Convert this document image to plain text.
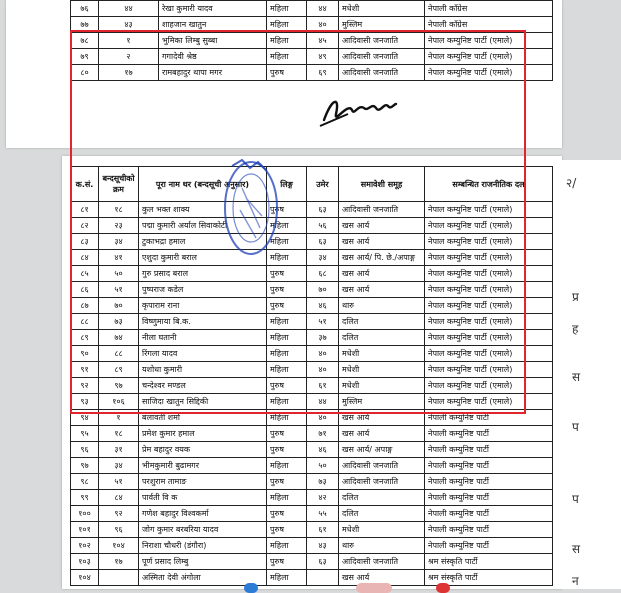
७६	४४	रेखा कुमारी यादव	महिला	४४	मधेशी	नेपाली काँग्रेस
७७	४३	शाहजान खातुन	महिला	४०	मुस्लिम	नेपाली काँग्रेस
७८	१	भुमिका लिम्बु सुब्बा	महिला	४५	आदिवासी जनजाति	नेपाल कम्युनिष्ट पार्टी (एमाले)
७९	२	गगादेवी श्रेष्ठ	महिला	४९	आदिवासी जनजाति	नेपाल कम्युनिष्ट पार्टी (एमाले)
८०	१७	रामबहादुर थापा मगर	पुरुष	६९	आदिवासी जनजाति	नेपाल कम्युनिष्ट पार्टी (एमाले)
२/
प्र
ह
स
प
प
स
न
क.सं.	बन्दसूचीको क्रम	पूरा नाम थर (बन्दसूची अनुसार)	लिङ्ग	उमेर	समावेशी समूह	सम्बन्धित राजनीतिक दल
८१	१८	कुल भक्त शाक्य	पुरुष	६३	आदिवासी जनजाति	नेपाल कम्युनिष्ट पार्टी (एमाले)
८२	२३	पद्मा कुमारी अर्याल सिवाकोटी	महिला	५६	खस आर्य	नेपाल कम्युनिष्ट पार्टी (एमाले)
८३	३४	टुकाभद्रा हमाल	महिला	६३	खस आर्य	नेपाल कम्युनिष्ट पार्टी (एमाले)
८४	४१	एशुदा कुमारी बराल	महिला	३४	खस आर्य/ पि. छे./अपाङ्ग	नेपाल कम्युनिष्ट पार्टी (एमाले)
८५	५०	गुरु प्रसाद बराल	पुरुष	६८	खस आर्य	नेपाल कम्युनिष्ट पार्टी (एमाले)
८६	५१	पुष्पराज कडेल	पुरुष	७०	खस आर्य	नेपाल कम्युनिष्ट पार्टी (एमाले)
८७	७०	कृपाराम राना	पुरुष	४६	थारु	नेपाल कम्युनिष्ट पार्टी (एमाले)
८८	७३	विष्णुमाया बि.क.	महिला	५१	दलित	नेपाल कम्युनिष्ट पार्टी (एमाले)
८९	७४	नीला घतानी	महिला	३७	दलित	नेपाल कम्युनिष्ट पार्टी (एमाले)
९०	८८	रिंगला यादव	महिला	४०	मधेशी	नेपाल कम्युनिष्ट पार्टी (एमाले)
९१	८९	यशोधा कुमारी	महिला	४०	मधेशी	नेपाल कम्युनिष्ट पार्टी (एमाले)
९२	९७	चन्देश्वर मण्डल	पुरुष	६१	मधेशी	नेपाल कम्युनिष्ट पार्टी (एमाले)
९३	१०६	साजिदा खातुन सिद्दिकी	महिला	४४	मुस्लिम	नेपाल कम्युनिष्ट पार्टी (एमाले)
९४	१	बलावती शर्मा	महिला	४०	खस आर्य	नेपाली कम्युनिष्ट पार्टी
९५	१८	प्रमेश कुमार हमाल	पुरुष	७१	खस आर्य	नेपाली कम्युनिष्ट पार्टी
९६	३१	प्रेम बहादुर वयक	पुरुष	४६	खस आर्य/ अपाङ्ग	नेपाली कम्युनिष्ट पार्टी
९७	३४	भीमकुमारी बुढामगर	महिला	५०	आदिवासी जनजाति	नेपाली कम्युनिष्ट पार्टी
९८	५१	परशुराम तामाङ	पुरुष	७३	आदिवासी जनजाति	नेपाली कम्युनिष्ट पार्टी
९९	८४	पार्वती वि क	महिला	४२	दलित	नेपाली कम्युनिष्ट पार्टी
१००	९२	गणेश बहादुर विश्वकर्मा	पुरुष	५५	दलित	नेपाली कम्युनिष्ट पार्टी
१०१	९६	जोग कुमार बरबरिया यादव	पुरुष	६१	मधेशी	नेपाली कम्युनिष्ट पार्टी
१०२	१०४	निराशा चौधरी (डंगौरा)	महिला	४३	थारु	नेपाली कम्युनिष्ट पार्टी
१०३	१७	पूर्ण प्रसाद लिम्बु	पुरुष	६३	आदिवासी जनजाति	श्रम संस्कृति पार्टी
१०४		अस्मिता देवी अंगोला	महिला		खस आर्य	श्रम संस्कृति पार्टी
